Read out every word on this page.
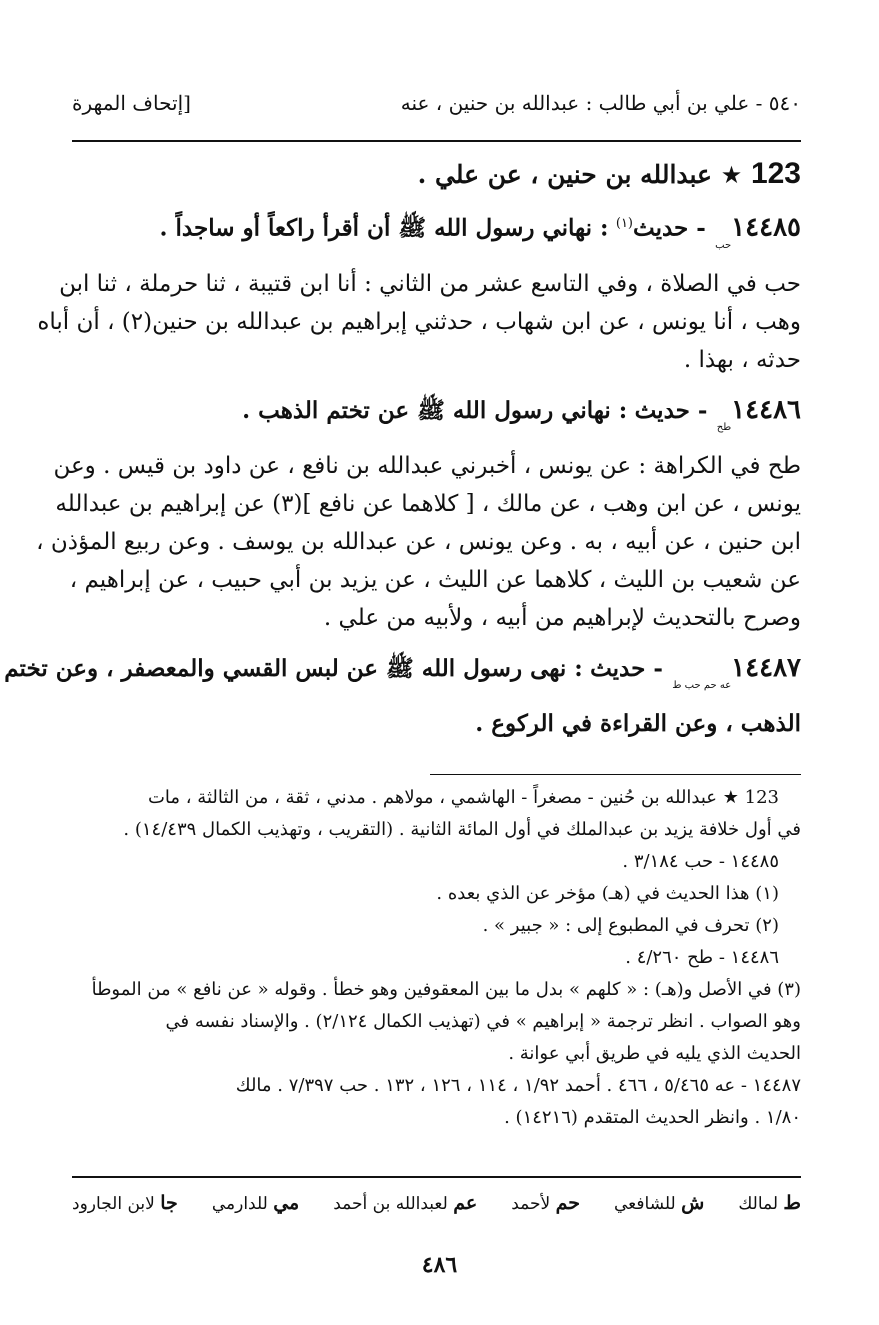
٥٤٠ - علي بن أبي طالب : عبدالله بن حنين ، عنه
[إتحاف المهرة
123 ★ عبدالله بن حنين ، عن علي .
$١٤٤٨٥_{حب}$ - حديث$^{(١)}$ : نهاني رسول الله ﷺ أن أقرأ راكعاً أو ساجداً .
حب في الصلاة ، وفي التاسع عشر من الثاني : أنا ابن قتيبة ، ثنا حرملة ، ثنا ابن
وهب ، أنا يونس ، عن ابن شهاب ، حدثني إبراهيم بن عبدالله بن حنين(٢) ، أن أباه
حدثه ، بهذا .
$١٤٤٨٦_{طح}$ - حديث : نهاني رسول الله ﷺ عن تختم الذهب .
طح في الكراهة : عن يونس ، أخبرني عبدالله بن نافع ، عن داود بن قيس . وعن
يونس ، عن ابن وهب ، عن مالك ، [ كلاهما عن نافع ](٣) عن إبراهيم بن عبدالله
ابن حنين ، عن أبيه ، به . وعن يونس ، عن عبدالله بن يوسف . وعن ربيع المؤذن ،
عن شعيب بن الليث ، كلاهما عن الليث ، عن يزيد بن أبي حبيب ، عن إبراهيم ،
وصرح بالتحديث لإبراهيم من أبيه ، ولأبيه من علي .
$١٤٤٨٧_{عه حم حب ط}$ - حديث : نهى رسول الله ﷺ عن لبس القسي والمعصفر ، وعن تختم
الذهب ، وعن القراءة في الركوع .
123 ★ عبدالله بن حُنين - مصغراً - الهاشمي ، مولاهم . مدني ، ثقة ، من الثالثة ، مات
في أول خلافة يزيد بن عبدالملك في أول المائة الثانية . (التقريب ، وتهذيب الكمال ١٤/٤٣٩) .
١٤٤٨٥ - حب ٣/١٨٤ .
(١) هذا الحديث في (هـ) مؤخر عن الذي بعده .
(٢) تحرف في المطبوع إلى : « جبير » .
١٤٤٨٦ - طح ٤/٢٦٠ .
(٣) في الأصل و(هـ) : « كلهم » بدل ما بين المعقوفين وهو خطأ . وقوله « عن نافع » من الموطأ
وهو الصواب . انظر ترجمة « إبراهيم » في (تهذيب الكمال ٢/١٢٤) . والإسناد نفسه في
الحديث الذي يليه في طريق أبي عوانة .
١٤٤٨٧ - عه ٥/٤٦٥ ، ٤٦٦ . أحمد ١/٩٢ ، ١١٤ ، ١٢٦ ، ١٣٢ . حب ٧/٣٩٧ . مالك
١/٨٠ . وانظر الحديث المتقدم (١٤٢١٦) .
ط لمالك
ش للشافعي
حم لأحمد
عم لعبدالله بن أحمد
مي للدارمي
جا لابن الجارود
٤٨٦
